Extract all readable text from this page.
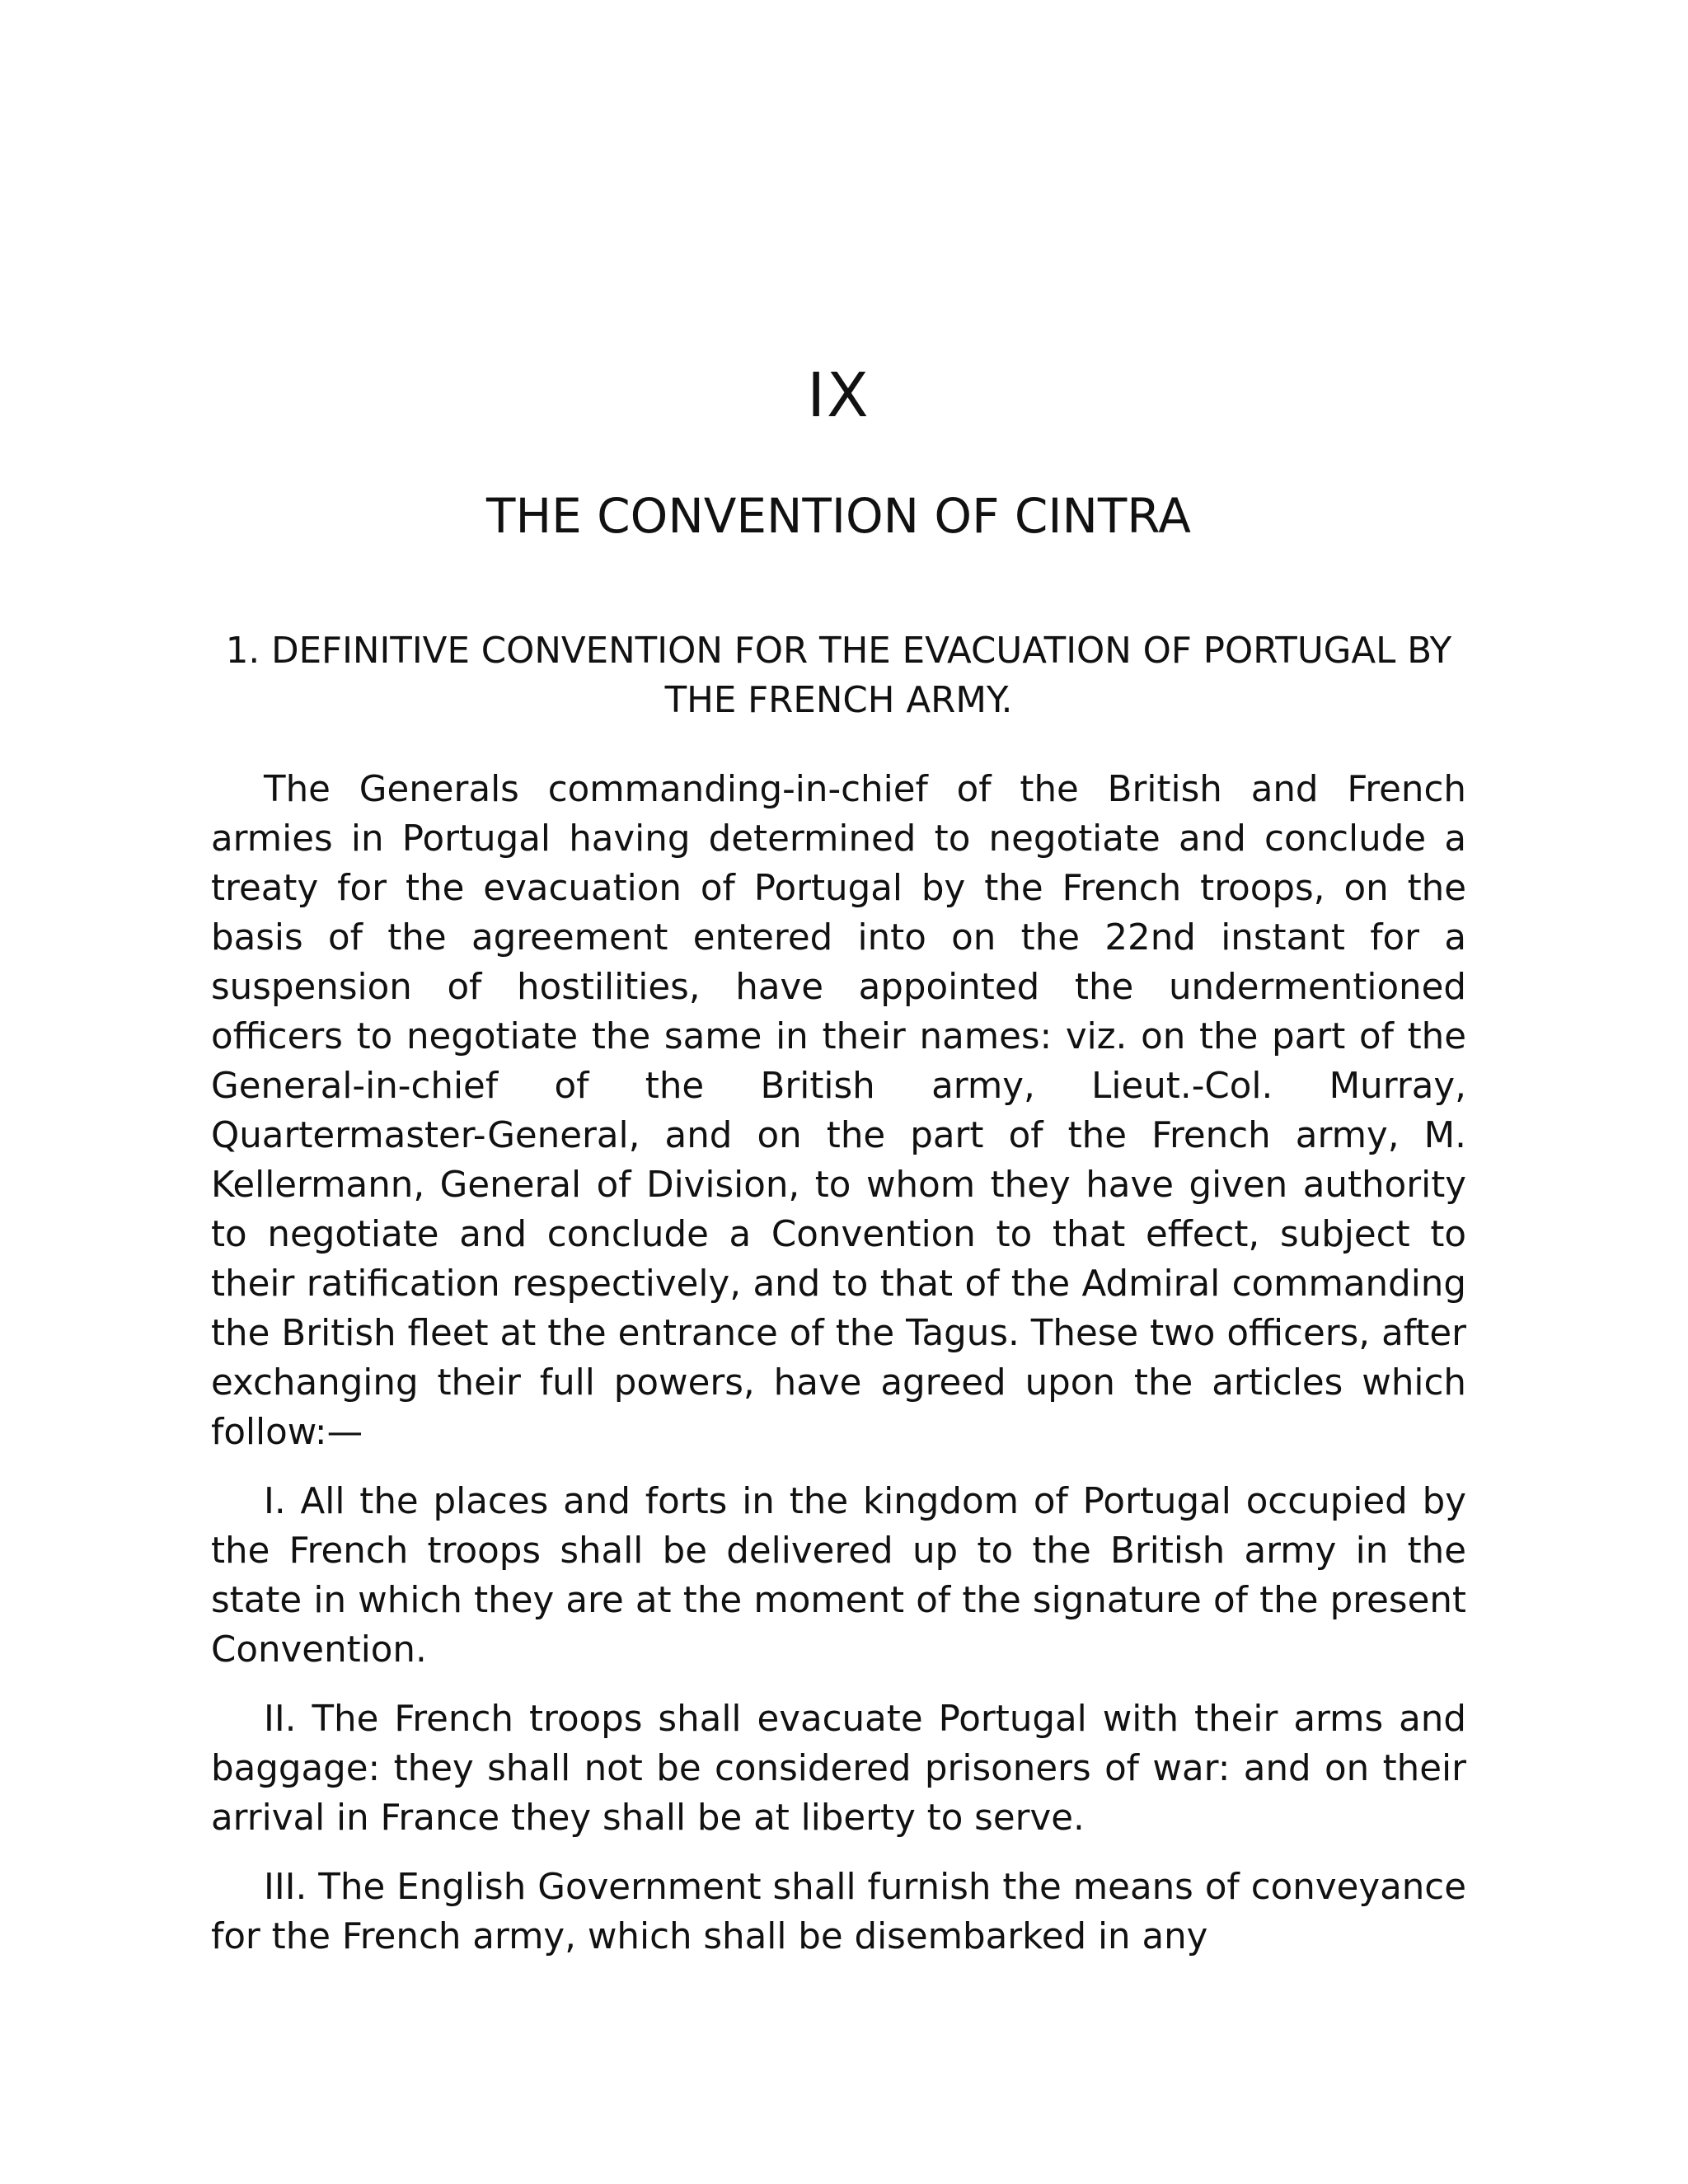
IX
THE CONVENTION OF CINTRA
1. DEFINITIVE CONVENTION FOR THE EVACUATION OF PORTUGAL BY THE FRENCH ARMY.

The Generals commanding-in-chief of the British and French armies in Portugal having determined to negotiate and conclude a treaty for the evacuation of Portugal by the French troops, on the basis of the agreement entered into on the 22nd instant for a suspension of hostilities, have appointed the undermentioned officers to negotiate the same in their names: viz. on the part of the General-in-chief of the British army, Lieut.-Col. Murray, Quartermaster-General, and on the part of the French army, M. Kellermann, General of Division, to whom they have given authority to negotiate and conclude a Convention to that effect, subject to their ratification respectively, and to that of the Admiral commanding the British fleet at the entrance of the Tagus. These two officers, after exchanging their full powers, have agreed upon the articles which follow:—

I. All the places and forts in the kingdom of Portugal occupied by the French troops shall be delivered up to the British army in the state in which they are at the moment of the signature of the present Convention.

II. The French troops shall evacuate Portugal with their arms and baggage: they shall not be considered prisoners of war: and on their arrival in France they shall be at liberty to serve.

III. The English Government shall furnish the means of conveyance for the French army, which shall be disembarked in any
